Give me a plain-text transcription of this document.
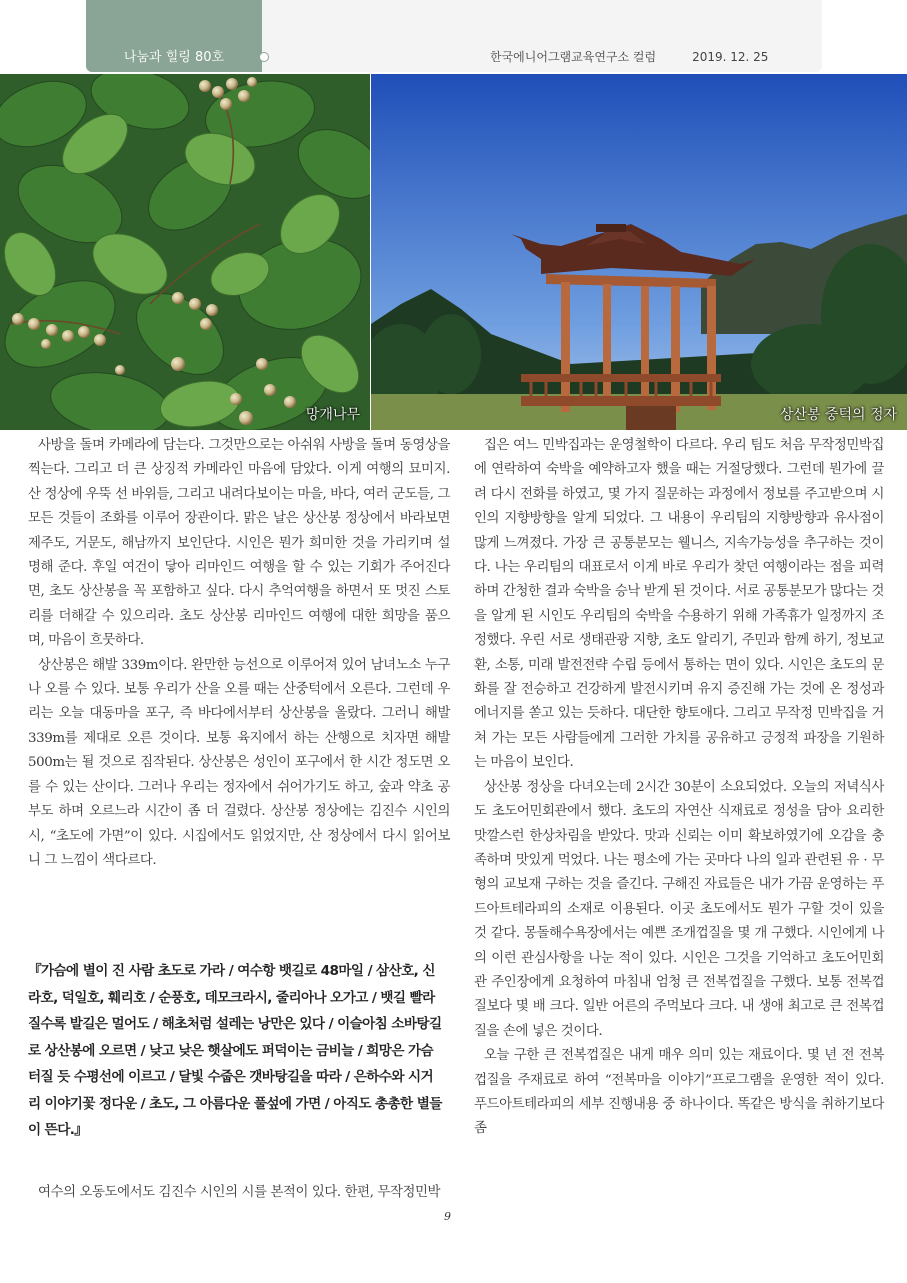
나눔과 힐링 80호	한국에니어그램교육연구소 컬럼	2019. 12. 25
망개나무	상산봉 중턱의 정자

사방을 돌며 카메라에 담는다. 그것만으로는 아쉬워 사방을 돌며 동영상을 찍는다. 그리고 더 큰 상징적 카메라인 마음에 담았다. 이게 여행의 묘미지. 산 정상에 우뚝 선 바위들, 그리고 내려다보이는 마을, 바다, 여러 군도들, 그 모든 것들이 조화를 이루어 장관이다. 맑은 날은 상산봉 정상에서 바라보면 제주도, 거문도, 해남까지 보인단다. 시인은 뭔가 희미한 것을 가리키며 설명해 준다. 후일 여건이 닿아 리마인드 여행을 할 수 있는 기회가 주어진다면, 초도 상산봉을 꼭 포함하고 싶다. 다시 추억여행을 하면서 또 멋진 스토리를 더해갈 수 있으리라. 초도 상산봉 리마인드 여행에 대한 희망을 품으며, 마음이 흐뭇하다.

상산봉은 해발 339m이다. 완만한 능선으로 이루어져 있어 남녀노소 누구나 오를 수 있다. 보통 우리가 산을 오를 때는 산중턱에서 오른다. 그런데 우리는 오늘 대동마을 포구, 즉 바다에서부터 상산봉을 올랐다. 그러니 해발 339m를 제대로 오른 것이다. 보통 육지에서 하는 산행으로 치자면 해발 500m는 될 것으로 짐작된다. 상산봉은 성인이 포구에서 한 시간 정도면 오를 수 있는 산이다. 그러나 우리는 정자에서 쉬어가기도 하고, 숲과 약초 공부도 하며 오르느라 시간이 좀 더 걸렸다. 상산봉 정상에는 김진수 시인의 시, “초도에 가면”이 있다. 시집에서도 읽었지만, 산 정상에서 다시 읽어보니 그 느낌이 색다르다.

『가슴에 별이 진 사람 초도로 가라 / 여수항 뱃길로 48마일 / 삼산호, 신라호, 덕일호, 훼리호 / 순풍호, 데모크라시, 줄리아나 오가고 / 뱃길 빨라질수록 발길은 멀어도 / 해초처럼 설레는 낭만은 있다 / 이슬아침 소바탕길로 상산봉에 오르면 / 낮고 낮은 햇살에도 퍼덕이는 금비늘 / 희망은 가슴 터질 듯 수평선에 이르고 / 달빛 수줍은 갯바탕길을 따라 / 은하수와 시거리 이야기꽃 정다운 / 초도, 그 아름다운 풀섶에 가면 / 아직도 총총한 별들이 뜬다.』

여수의 오동도에서도 김진수 시인의 시를 본적이 있다. 한편, 무작정민박

집은 여느 민박집과는 운영철학이 다르다. 우리 팀도 처음 무작정민박집에 연락하여 숙박을 예약하고자 했을 때는 거절당했다. 그런데 뭔가에 끌려 다시 전화를 하였고, 몇 가지 질문하는 과정에서 정보를 주고받으며 시인의 지향방향을 알게 되었다. 그 내용이 우리팀의 지향방향과 유사점이 많게 느껴졌다. 가장 큰 공통분모는 웰니스, 지속가능성을 추구하는 것이다. 나는 우리팀의 대표로서 이게 바로 우리가 찾던 여행이라는 점을 피력하며 간청한 결과 숙박을 승낙 받게 된 것이다. 서로 공통분모가 많다는 것을 알게 된 시인도 우리팀의 숙박을 수용하기 위해 가족휴가 일정까지 조정했다. 우린 서로 생태관광 지향, 초도 알리기, 주민과 함께 하기, 정보교환, 소통, 미래 발전전략 수립 등에서 통하는 면이 있다. 시인은 초도의 문화를 잘 전승하고 건강하게 발전시키며 유지 증진해 가는 것에 온 정성과 에너지를 쏟고 있는 듯하다. 대단한 향토애다. 그리고 무작정 민박집을 거쳐 가는 모든 사람들에게 그러한 가치를 공유하고 긍정적 파장을 기원하는 마음이 보인다.

상산봉 정상을 다녀오는데 2시간 30분이 소요되었다. 오늘의 저녁식사도 초도어민회관에서 했다. 초도의 자연산 식재료로 정성을 담아 요리한 맛깔스런 한상차림을 받았다. 맛과 신뢰는 이미 확보하였기에 오감을 충족하며 맛있게 먹었다. 나는 평소에 가는 곳마다 나의 일과 관련된 유 · 무형의 교보재 구하는 것을 즐긴다. 구해진 자료들은 내가 가끔 운영하는 푸드아트테라피의 소재로 이용된다. 이곳 초도에서도 뭔가 구할 것이 있을 것 같다. 몽돌해수욕장에서는 예쁜 조개껍질을 몇 개 구했다. 시인에게 나의 이런 관심사항을 나눈 적이 있다. 시인은 그것을 기억하고 초도어민회관 주인장에게 요청하여 마침내 엄청 큰 전복껍질을 구했다. 보통 전복껍질보다 몇 배 크다. 일반 어른의 주먹보다 크다. 내 생애 최고로 큰 전복껍질을 손에 넣은 것이다.

오늘 구한 큰 전복껍질은 내게 매우 의미 있는 재료이다. 몇 년 전 전복껍질을 주재료로 하여 “전복마을 이야기”프로그램을 운영한 적이 있다. 푸드아트테라피의 세부 진행내용 중 하나이다. 똑같은 방식을 취하기보다 좀

9
